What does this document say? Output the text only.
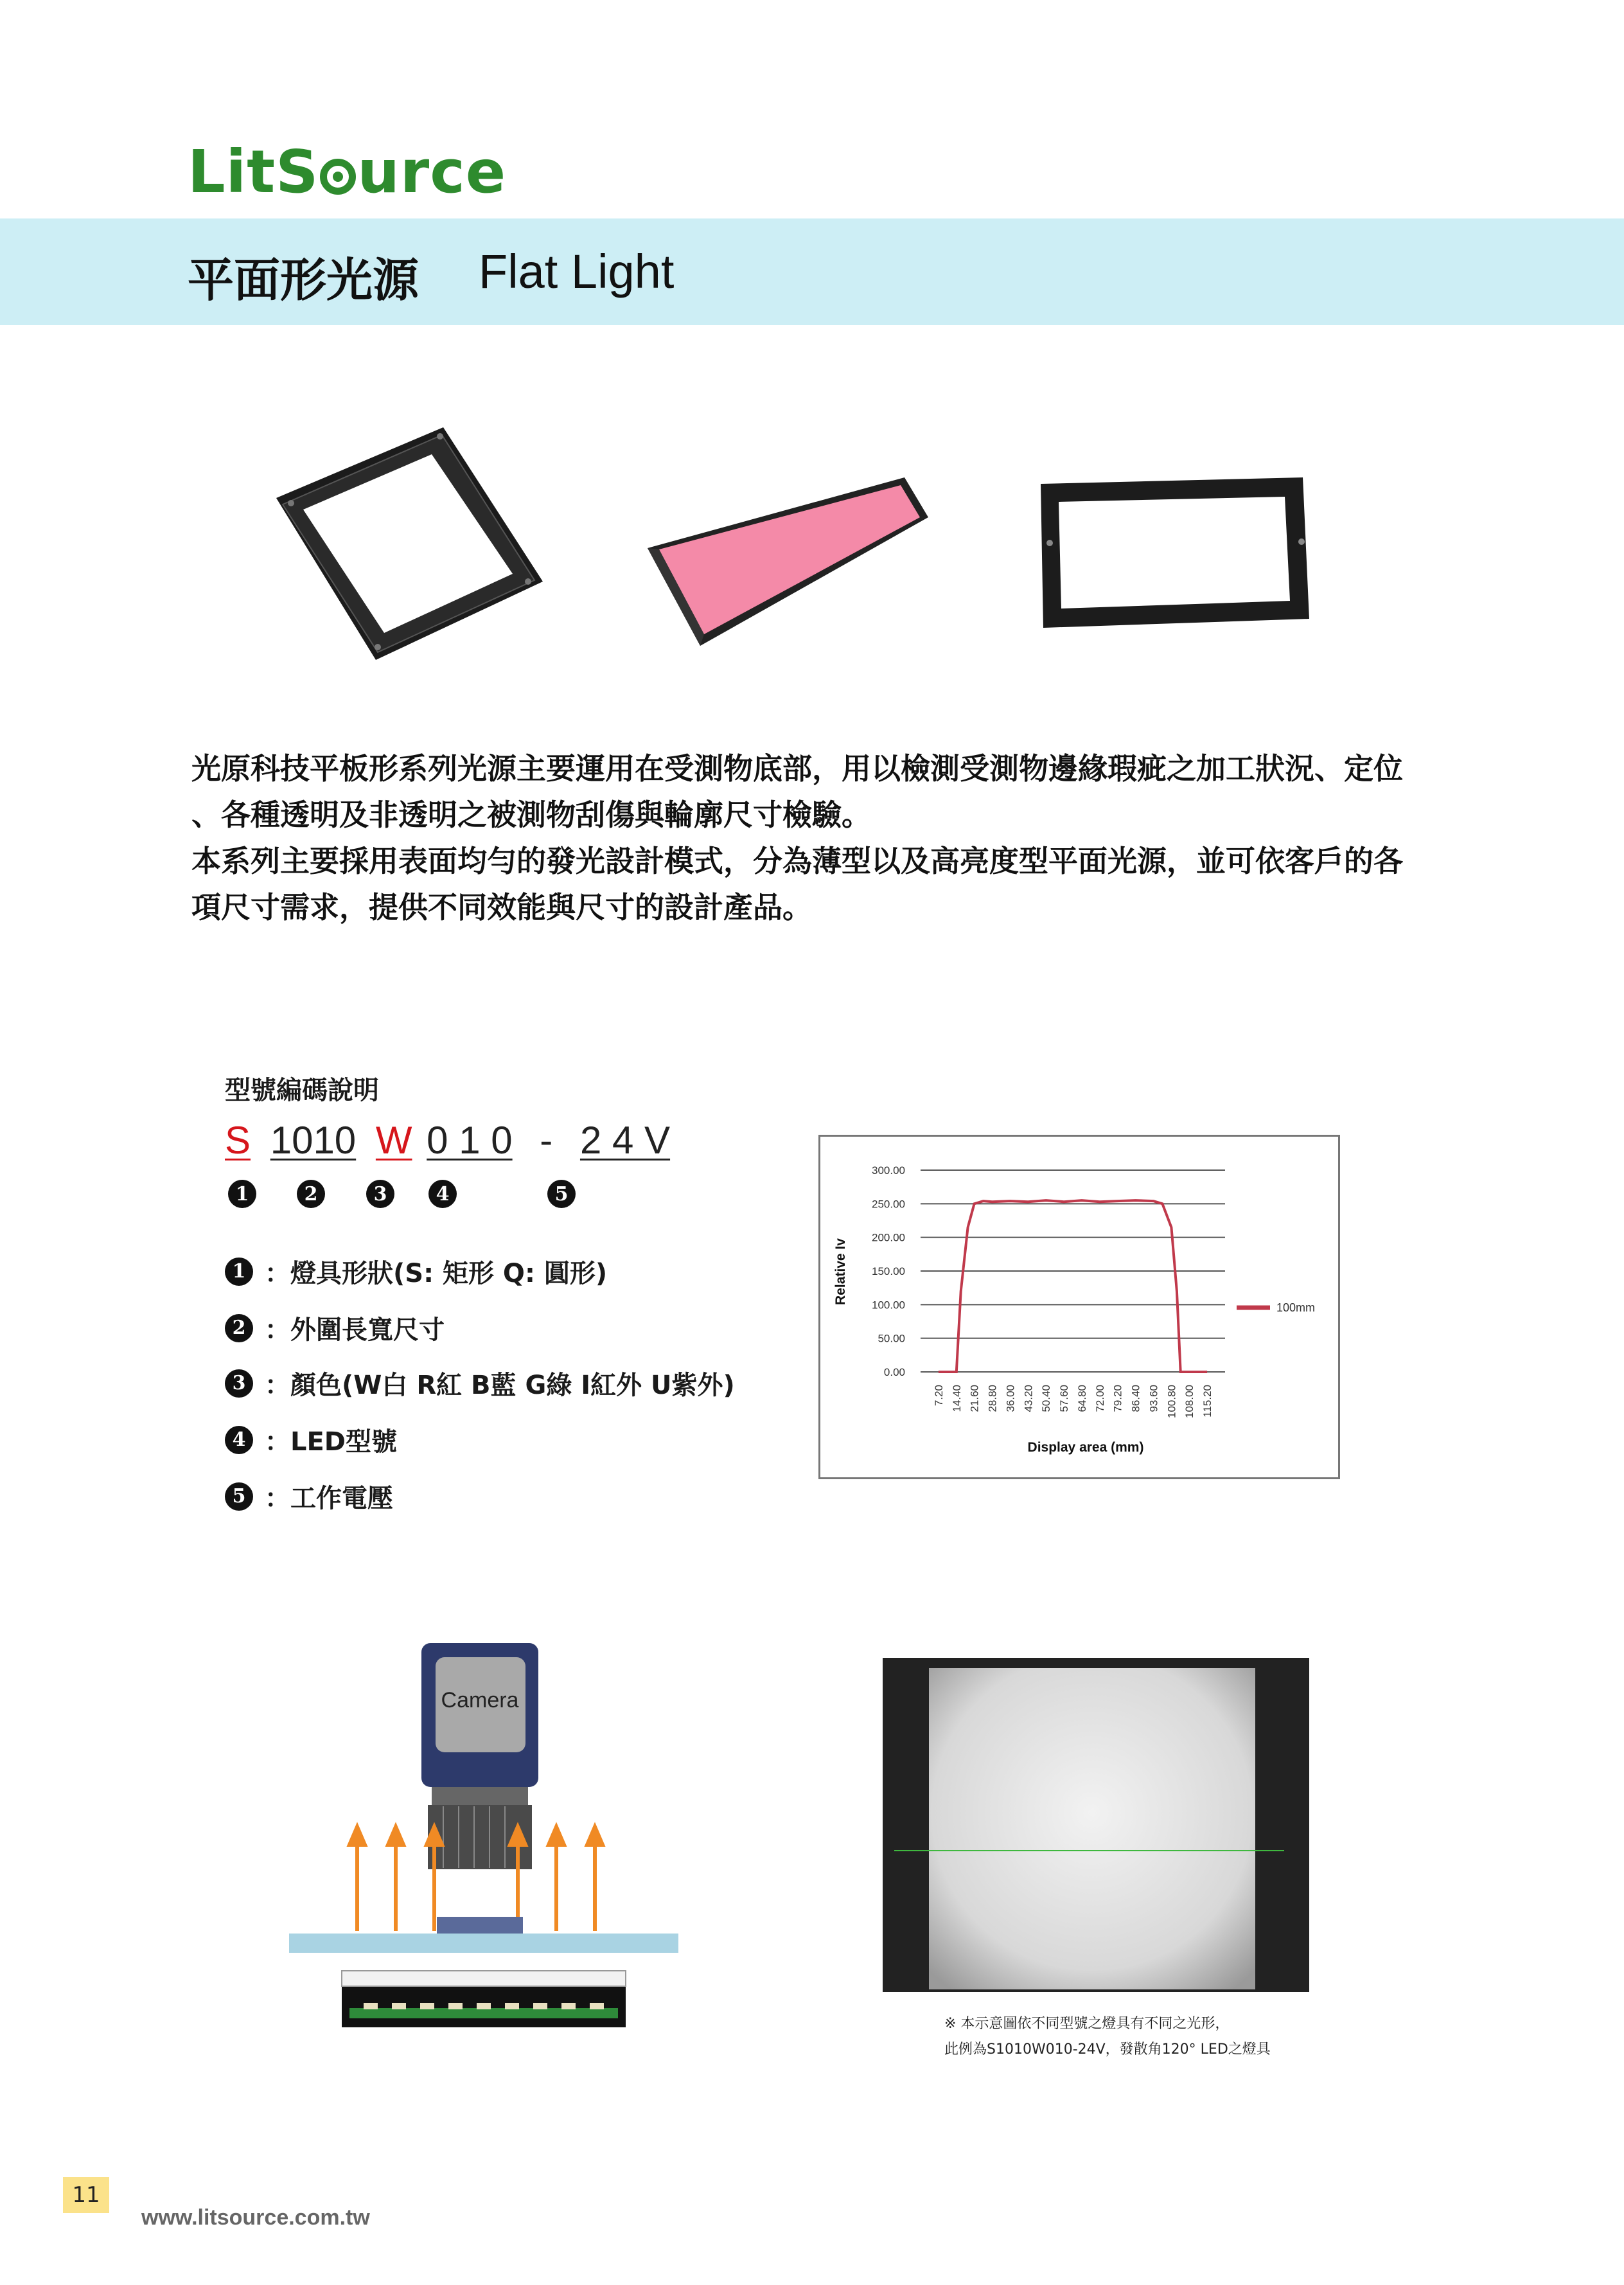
LitS urce
平面形光源 Flat Light

光原科技平板形系列光源主要運用在受測物底部，用以檢測受測物邊緣瑕疵之加工狀況、定位

、各種透明及非透明之被測物刮傷與輪廓尺寸檢驗。

本系列主要採用表面均勻的發光設計模式，分為薄型以及高亮度型平面光源，並可依客戶的各

項尺寸需求，提供不同效能與尺寸的設計產品。

型號編碼說明
S 1010 W 0 1 0 - 2 4 V
1	2	3	4	5
1 ：燈具形狀(S: 矩形 Q: 圓形)
2 ：外圍長寬尺寸
3 ：顏色(W白 R紅 B藍 G綠 I紅外 U紫外)
4 ：LED型號
5 ：工作電壓
300.00
250.00
200.00
150.00
100.00
50.00
0.00
7.20 14.40 21.60 28.80 36.00 43.20 50.40 57.60 64.80 72.00 79.20 86.40 93.60 100.80 108.00 115.20
100mm
Display area (mm)
Relative Iv
Camera
※ 本示意圖依不同型號之燈具有不同之光形，
此例為S1010W010-24V，發散角120° LED之燈具
11
www.litsource.com.tw
